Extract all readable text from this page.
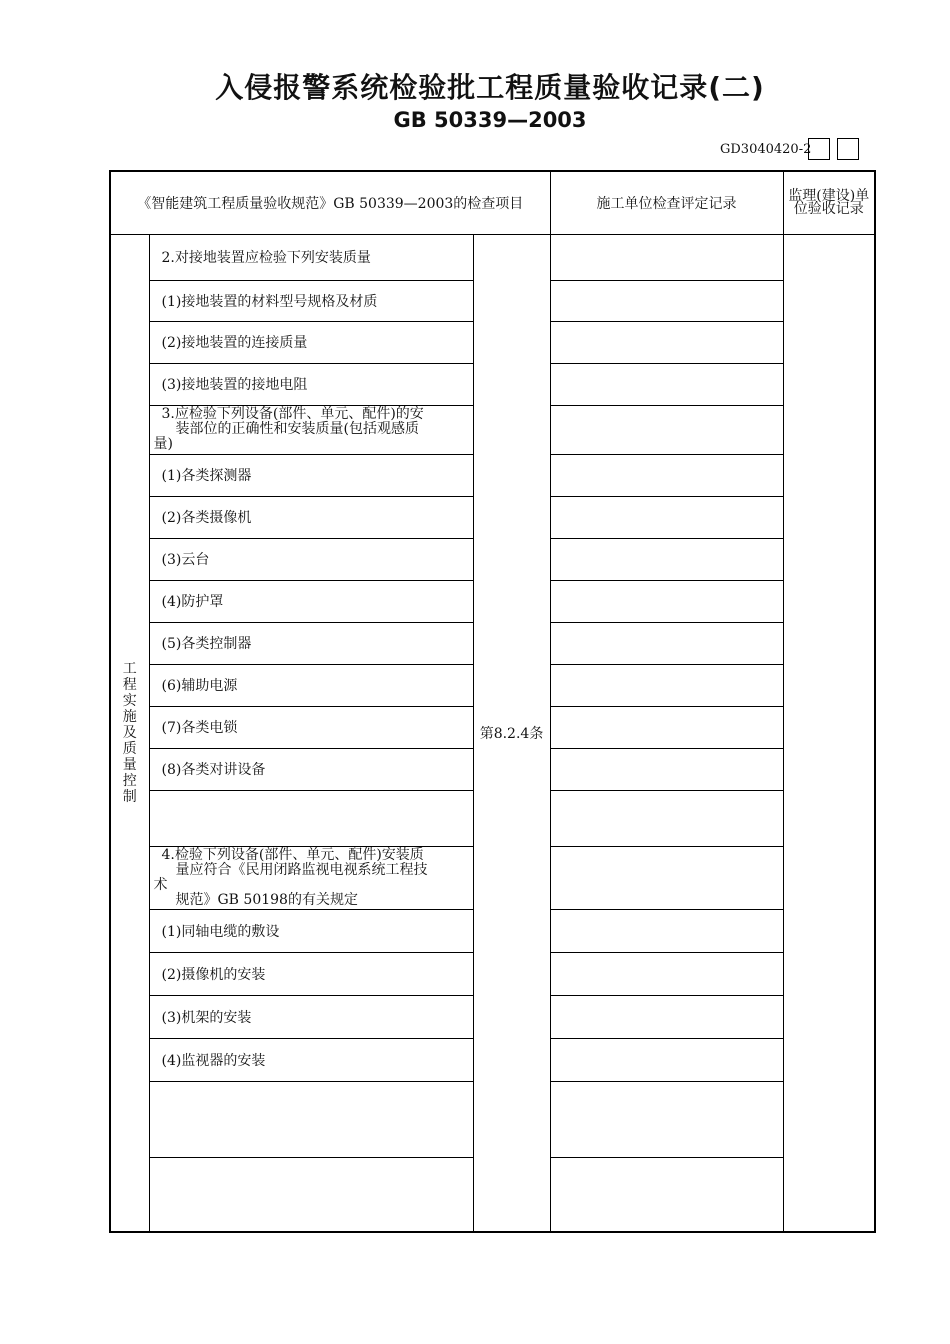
入侵报警系统检验批工程质量验收记录(二)
GB 50339—2003
GD3040420-2
《智能建筑工程质量验收规范》GB 50339—2003的检查项目			施工单位检查评定记录	监理(建设)单位验收记录
工程实施及质量控制	2.对接地装置应检验下列安装质量	第8.2.4条		
	(1)接地装置的材料型号规格及材质			
	(2)接地装置的连接质量			
	(3)接地装置的接地电阻			

	3.应检验下列设备(部件、单元、配件)的安
装部位的正确性和安装质量(包括观感质
量)			

	(1)各类探测器			
	(2)各类摄像机			
	(3)云台			
	(4)防护罩			
	(5)各类控制器			
	(6)辅助电源			
	(7)各类电锁			
	(8)各类对讲设备			

	4.检验下列设备(部件、单元、配件)安装质
量应符合《民用闭路监视电视系统工程技
术
规范》GB 50198的有关规定			

	(1)同轴电缆的敷设			
	(2)摄像机的安装			
	(3)机架的安装			
	(4)监视器的安装			
